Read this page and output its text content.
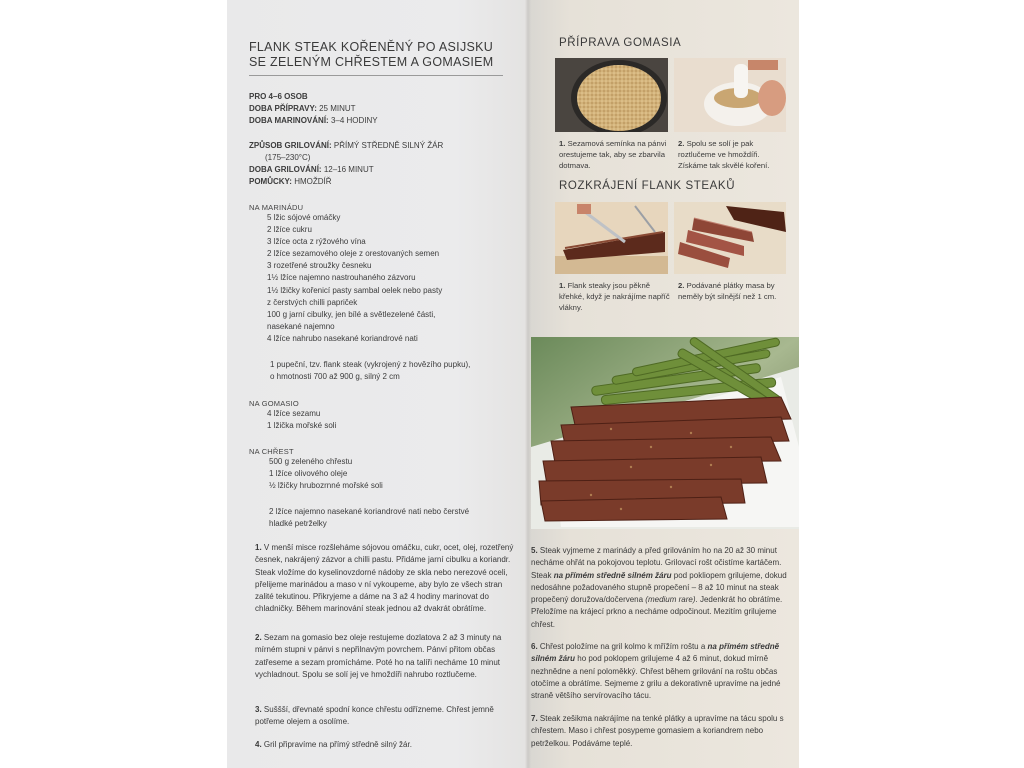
FLANK STEAK KOŘENĚNÝ PO ASIJSKU
SE ZELENÝM CHŘESTEM A GOMASIEM
PRO 4–6 OSOB
DOBA PŘÍPRAVY: 25 MINUT
DOBA MARINOVÁNÍ: 3–4 HODINY
ZPŮSOB GRILOVÁNÍ: PŘÍMÝ STŘEDNĚ SILNÝ ŽÁR
(175–230°C)
DOBA GRILOVÁNÍ: 12–16 MINUT
POMŮCKY: HMOŽDÍŘ
NA MARINÁDU
5 lžic sójové omáčky
2 lžíce cukru
3 lžíce octa z rýžového vína
2 lžíce sezamového oleje z orestovaných semen
3 rozetřené stroužky česneku
1½ lžíce najemno nastrouhaného zázvoru
1½ lžičky kořenicí pasty sambal oelek nebo pasty
z čerstvých chilli papriček
100 g jarní cibulky, jen bílé a světlezelené části,
nasekané najemno
4 lžíce nahrubo nasekané koriandrové nati
1 pupeční, tzv. flank steak (vykrojený z hovězího pupku),
o hmotnosti 700 až 900 g, silný 2 cm
NA GOMASIO
4 lžíce sezamu
1 lžička mořské soli
NA CHŘEST
500 g zeleného chřestu
1 lžíce olivového oleje
½ lžičky hrubozrnné mořské soli
2 lžíce najemno nasekané koriandrové nati nebo čerstvé
hladké petrželky
1. V menší misce rozšleháme sójovou omáčku, cukr, ocet, olej, rozetřený česnek, nakrájený zázvor a chilli pastu. Přidáme jarní cibulku a koriandr. Steak vložíme do kyselinovzdorné nádoby ze skla nebo nerezové oceli, přelijeme marinádou a maso v ní vykoupeme, aby bylo ze všech stran zalité tekutinou. Přikryjeme a dáme na 3 až 4 hodiny marinovat do chladničky. Během marinování steak jednou až dvakrát obrátíme.
2. Sezam na gomasio bez oleje restujeme dozlatova 2 až 3 minuty na mírném stupni v pánvi s nepřilnavým povrchem. Pánví přitom občas zatřeseme a sezam promícháme. Poté ho na talíři necháme 10 minut vychladnout. Spolu se solí jej ve hmoždíři nahrubo roztlučeme.
3. Suššší, dřevnaté spodní konce chřestu odřízneme. Chřest jemně potřeme olejem a osolíme.
4. Gril připravíme na přímý středně silný žár.
PŘÍPRAVA GOMASIA
1. Sezamová semínka na pánvi orestujeme tak, aby se zbarvila dotmava.
2. Spolu se solí je pak roztlučeme ve hmoždíři. Získáme tak skvělé koření.
ROZKRÁJENÍ FLANK STEAKŮ
1. Flank steaky jsou pěkně křehké, když je nakrájíme napříč vlákny.
2. Podávané plátky masa by neměly být silnější než 1 cm.
5. Steak vyjmeme z marinády a před grilováním ho na 20 až 30 minut necháme ohřát na pokojovou teplotu. Grilovací rošt očistíme kartáčem. Steak na přímém středně silném žáru pod pokliopem grilujeme, dokud nedosáhne požadovaného stupně propečení – 8 až 10 minut na steak propečený doružova/dočervena (medium rare). Jedenkrát ho obrátíme. Přeložíme na krájecí prkno a necháme odpočinout. Mezitím grilujeme chřest.
6. Chřest položíme na gril kolmo k mřížím roštu a na přímém středně silném žáru ho pod poklopem grilujeme 4 až 6 minut, dokud mírně nezhnědne a není poloměkký. Chřest během grilování na roštu občas otočíme a obrátíme. Sejmeme z grilu a dekorativně upravíme na jedné straně většího servírovacího tácu.
7. Steak zešikma nakrájíme na tenké plátky a upravíme na tácu spolu s chřestem. Maso i chřest posypeme gomasiem a koriandrem nebo petrželkou. Podáváme teplé.
